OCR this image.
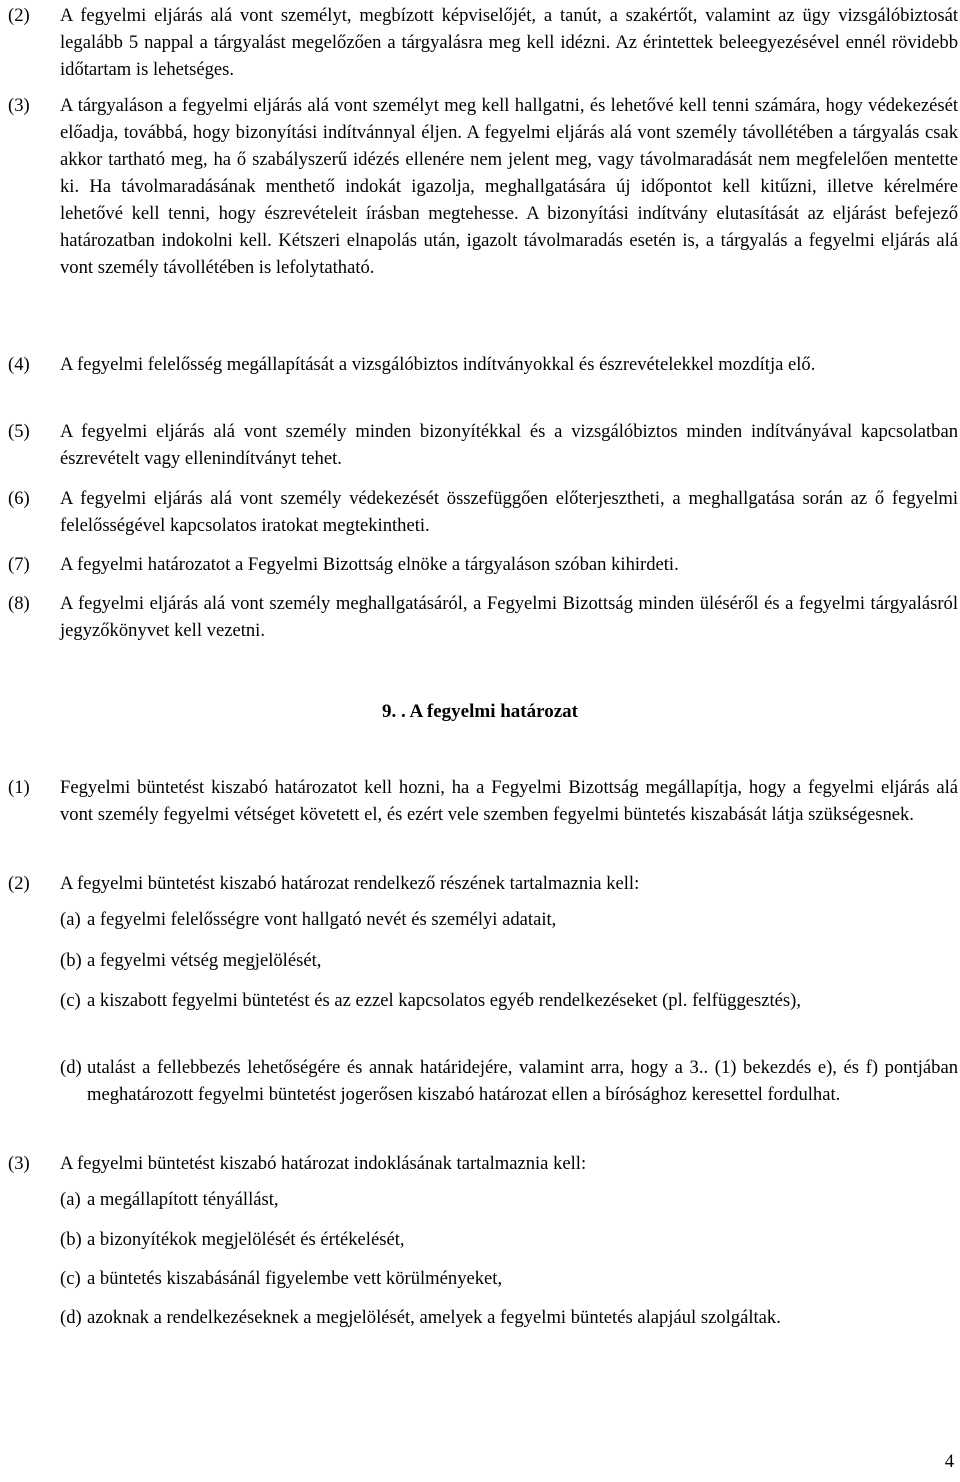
(2) A fegyelmi eljárás alá vont személyt, megbízott képviselőjét, a tanút, a szakértőt, valamint az ügy vizsgálóbiztosát legalább 5 nappal a tárgyalást megelőzően a tárgyalásra meg kell idézni. Az érintettek beleegyezésével ennél rövidebb időtartam is lehetséges.
(3) A tárgyaláson a fegyelmi eljárás alá vont személyt meg kell hallgatni, és lehetővé kell tenni számára, hogy védekezését előadja, továbbá, hogy bizonyítási indítvánnyal éljen. A fegyelmi eljárás alá vont személy távollétében a tárgyalás csak akkor tartható meg, ha ő szabályszerű idézés ellenére nem jelent meg, vagy távolmaradását nem megfelelően mentette ki. Ha távolmaradásának menthető indokát igazolja, meghallgatására új időpontot kell kitűzni, illetve kérelmére lehetővé kell tenni, hogy észrevételeit írásban megtehesse. A bizonyítási indítvány elutasítását az eljárást befejező határozatban indokolni kell. Kétszeri elnapolás után, igazolt távolmaradás esetén is, a tárgyalás a fegyelmi eljárás alá vont személy távollétében is lefolytatható.
(4) A fegyelmi felelősség megállapítását a vizsgálóbiztos indítványokkal és észrevételekkel mozdítja elő.
(5) A fegyelmi eljárás alá vont személy minden bizonyítékkal és a vizsgálóbiztos minden indítványával kapcsolatban észrevételt vagy ellenindítványt tehet.
(6) A fegyelmi eljárás alá vont személy védekezését összefüggően előterjesztheti, a meghallgatása során az ő fegyelmi felelősségével kapcsolatos iratokat megtekintheti.
(7) A fegyelmi határozatot a Fegyelmi Bizottság elnöke a tárgyaláson szóban kihirdeti.
(8) A fegyelmi eljárás alá vont személy meghallgatásáról, a Fegyelmi Bizottság minden üléséről és a fegyelmi tárgyalásról jegyzőkönyvet kell vezetni.
9. . A fegyelmi határozat
(1) Fegyelmi büntetést kiszabó határozatot kell hozni, ha a Fegyelmi Bizottság megállapítja, hogy a fegyelmi eljárás alá vont személy fegyelmi vétséget követett el, és ezért vele szemben fegyelmi büntetés kiszabását látja szükségesnek.
(2) A fegyelmi büntetést kiszabó határozat rendelkező részének tartalmaznia kell:
(a) a fegyelmi felelősségre vont hallgató nevét és személyi adatait,
(b) a fegyelmi vétség megjelölését,
(c) a kiszabott fegyelmi büntetést és az ezzel kapcsolatos egyéb rendelkezéseket (pl. felfüggesztés),
(d) utalást a fellebbezés lehetőségére és annak határidejére, valamint arra, hogy a 3.. (1) bekezdés e), és f) pontjában meghatározott fegyelmi büntetést jogerősen kiszabó határozat ellen a bírósághoz keresettel fordulhat.
(3) A fegyelmi büntetést kiszabó határozat indoklásának tartalmaznia kell:
(a) a megállapított tényállást,
(b) a bizonyítékok megjelölését és értékelését,
(c) a büntetés kiszabásánál figyelembe vett körülményeket,
(d) azoknak a rendelkezéseknek a megjelölését, amelyek a fegyelmi büntetés alapjául szolgáltak.
4
